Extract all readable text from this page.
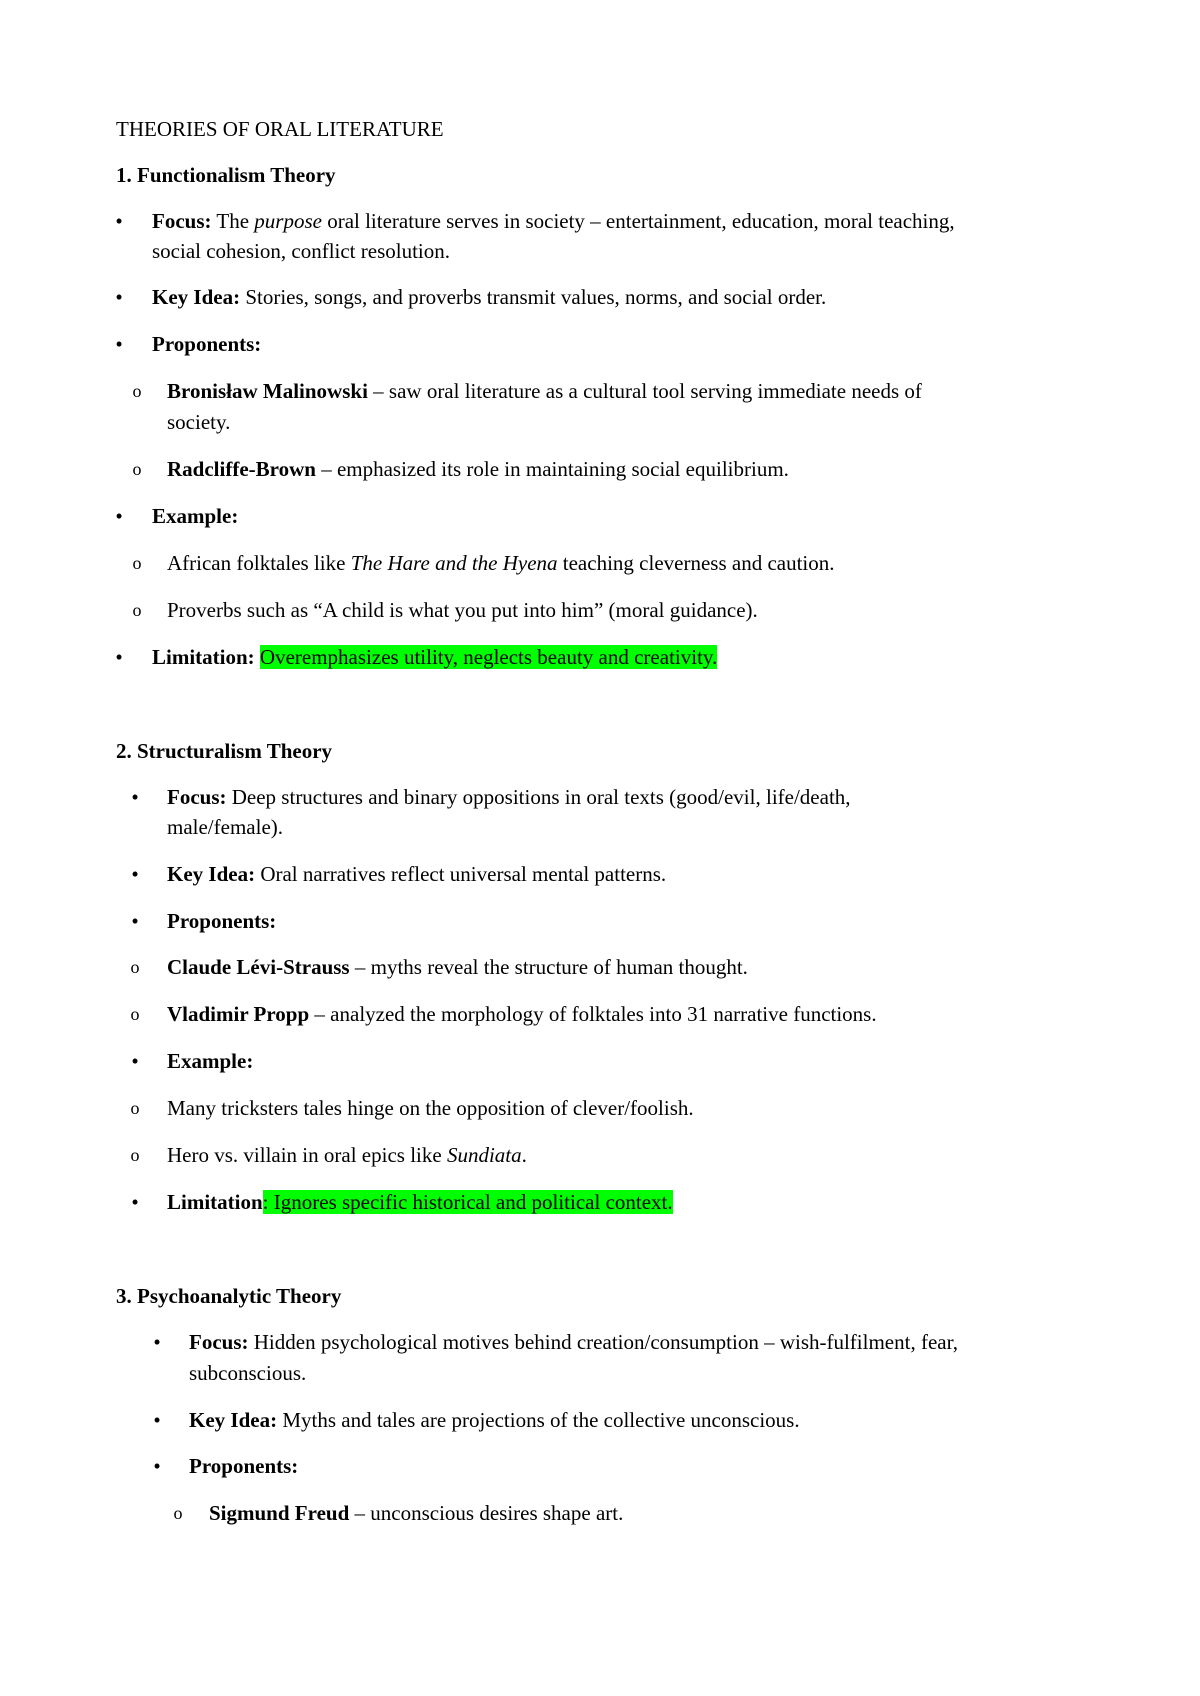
THEORIES OF ORAL LITERATURE
1. Functionalism Theory
• Focus: The purpose oral literature serves in society – entertainment, education, moral teaching,
social cohesion, conflict resolution.
• Key Idea: Stories, songs, and proverbs transmit values, norms, and social order.
• Proponents:
o Bronisław Malinowski – saw oral literature as a cultural tool serving immediate needs of
society.
o Radcliffe-Brown – emphasized its role in maintaining social equilibrium.
• Example:
o African folktales like The Hare and the Hyena teaching cleverness and caution.
o Proverbs such as “A child is what you put into him” (moral guidance).
• Limitation: Overemphasizes utility, neglects beauty and creativity.
2. Structuralism Theory
• Focus: Deep structures and binary oppositions in oral texts (good/evil, life/death,
male/female).
• Key Idea: Oral narratives reflect universal mental patterns.
• Proponents:
o Claude Lévi-Strauss – myths reveal the structure of human thought.
o Vladimir Propp – analyzed the morphology of folktales into 31 narrative functions.
• Example:
o Many tricksters tales hinge on the opposition of clever/foolish.
o Hero vs. villain in oral epics like Sundiata.
• Limitation: Ignores specific historical and political context.
3. Psychoanalytic Theory
• Focus: Hidden psychological motives behind creation/consumption – wish-fulfilment, fear,
subconscious.
• Key Idea: Myths and tales are projections of the collective unconscious.
• Proponents:
o Sigmund Freud – unconscious desires shape art.
